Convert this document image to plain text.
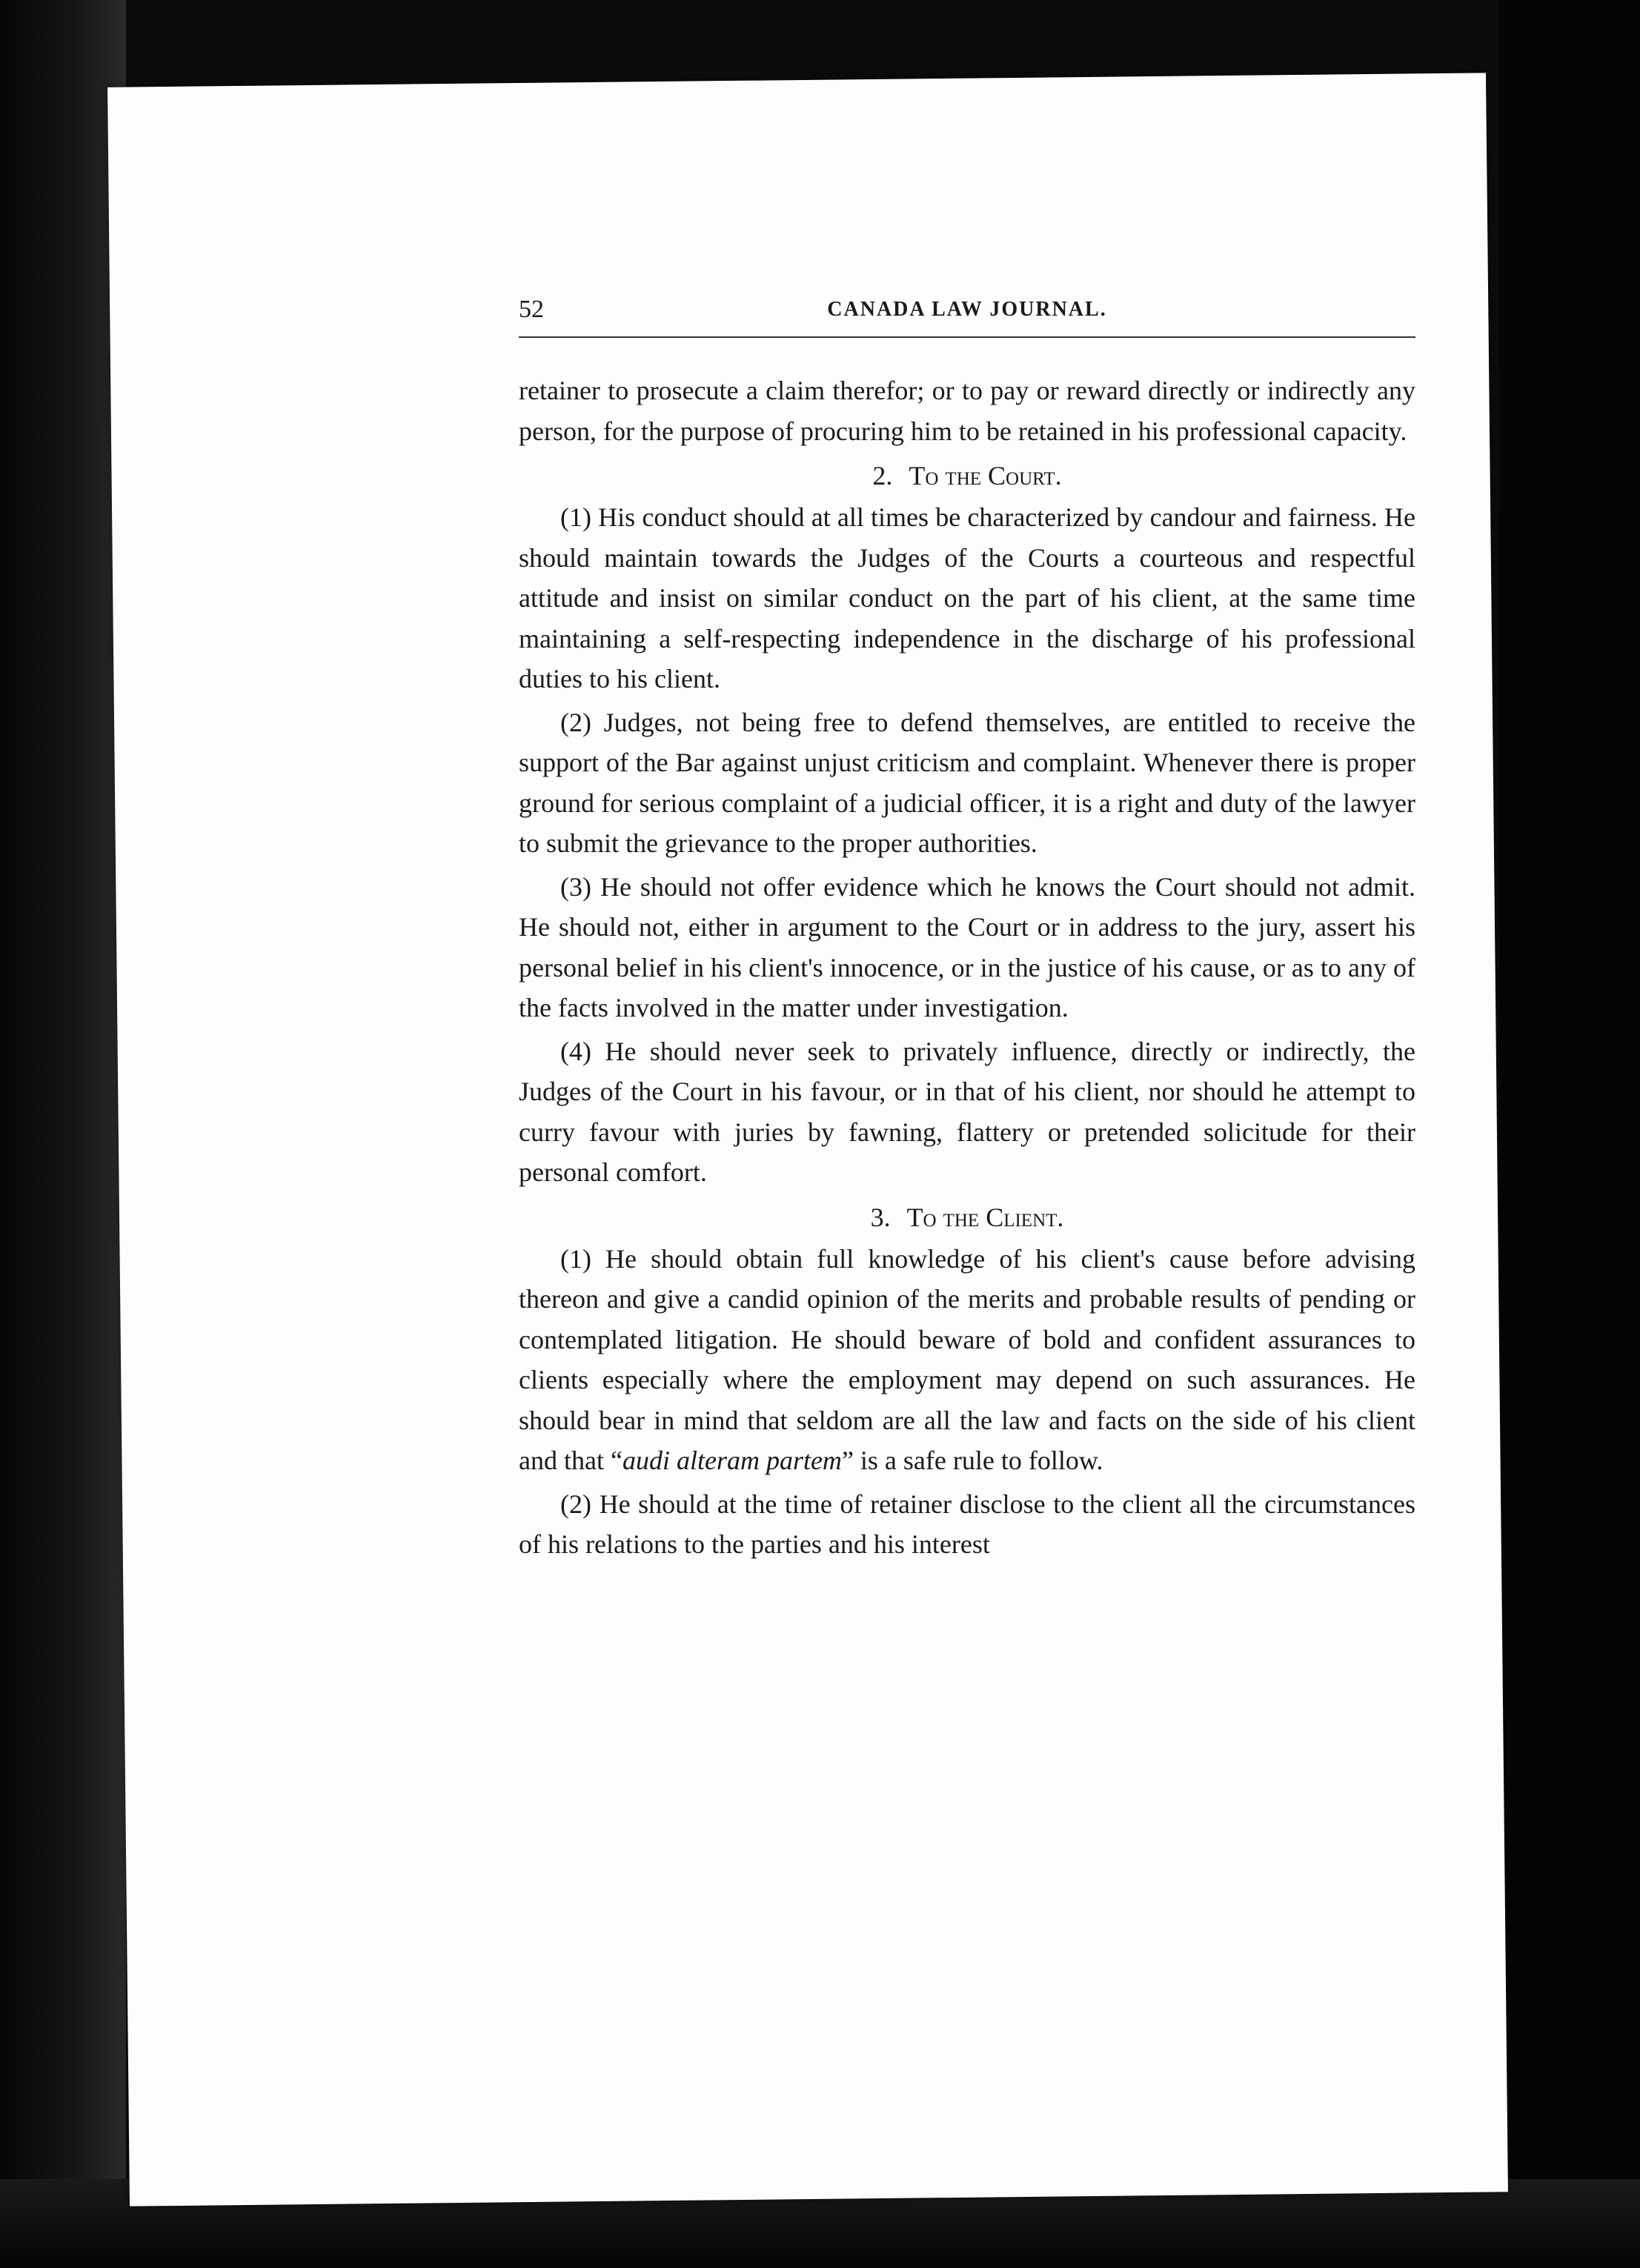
52	CANADA LAW JOURNAL.

retainer to prosecute a claim therefor; or to pay or reward directly or indirectly any person, for the purpose of procuring him to be retained in his professional capacity.

2. To the Court.

(1) His conduct should at all times be characterized by candour and fairness. He should maintain towards the Judges of the Courts a courteous and respectful attitude and insist on similar conduct on the part of his client, at the same time maintaining a self-respecting independence in the discharge of his professional duties to his client.

(2) Judges, not being free to defend themselves, are entitled to receive the support of the Bar against unjust criticism and complaint. Whenever there is proper ground for serious complaint of a judicial officer, it is a right and duty of the lawyer to submit the grievance to the proper authorities.

(3) He should not offer evidence which he knows the Court should not admit. He should not, either in argument to the Court or in address to the jury, assert his personal belief in his client's innocence, or in the justice of his cause, or as to any of the facts involved in the matter under investigation.

(4) He should never seek to privately influence, directly or indirectly, the Judges of the Court in his favour, or in that of his client, nor should he attempt to curry favour with juries by fawning, flattery or pretended solicitude for their personal comfort.

3. To the Client.

(1) He should obtain full knowledge of his client's cause before advising thereon and give a candid opinion of the merits and probable results of pending or contemplated litigation. He should beware of bold and confident assurances to clients especially where the employment may depend on such assurances. He should bear in mind that seldom are all the law and facts on the side of his client and that “audi alteram partem” is a safe rule to follow.

(2) He should at the time of retainer disclose to the client all the circumstances of his relations to the parties and his interest
